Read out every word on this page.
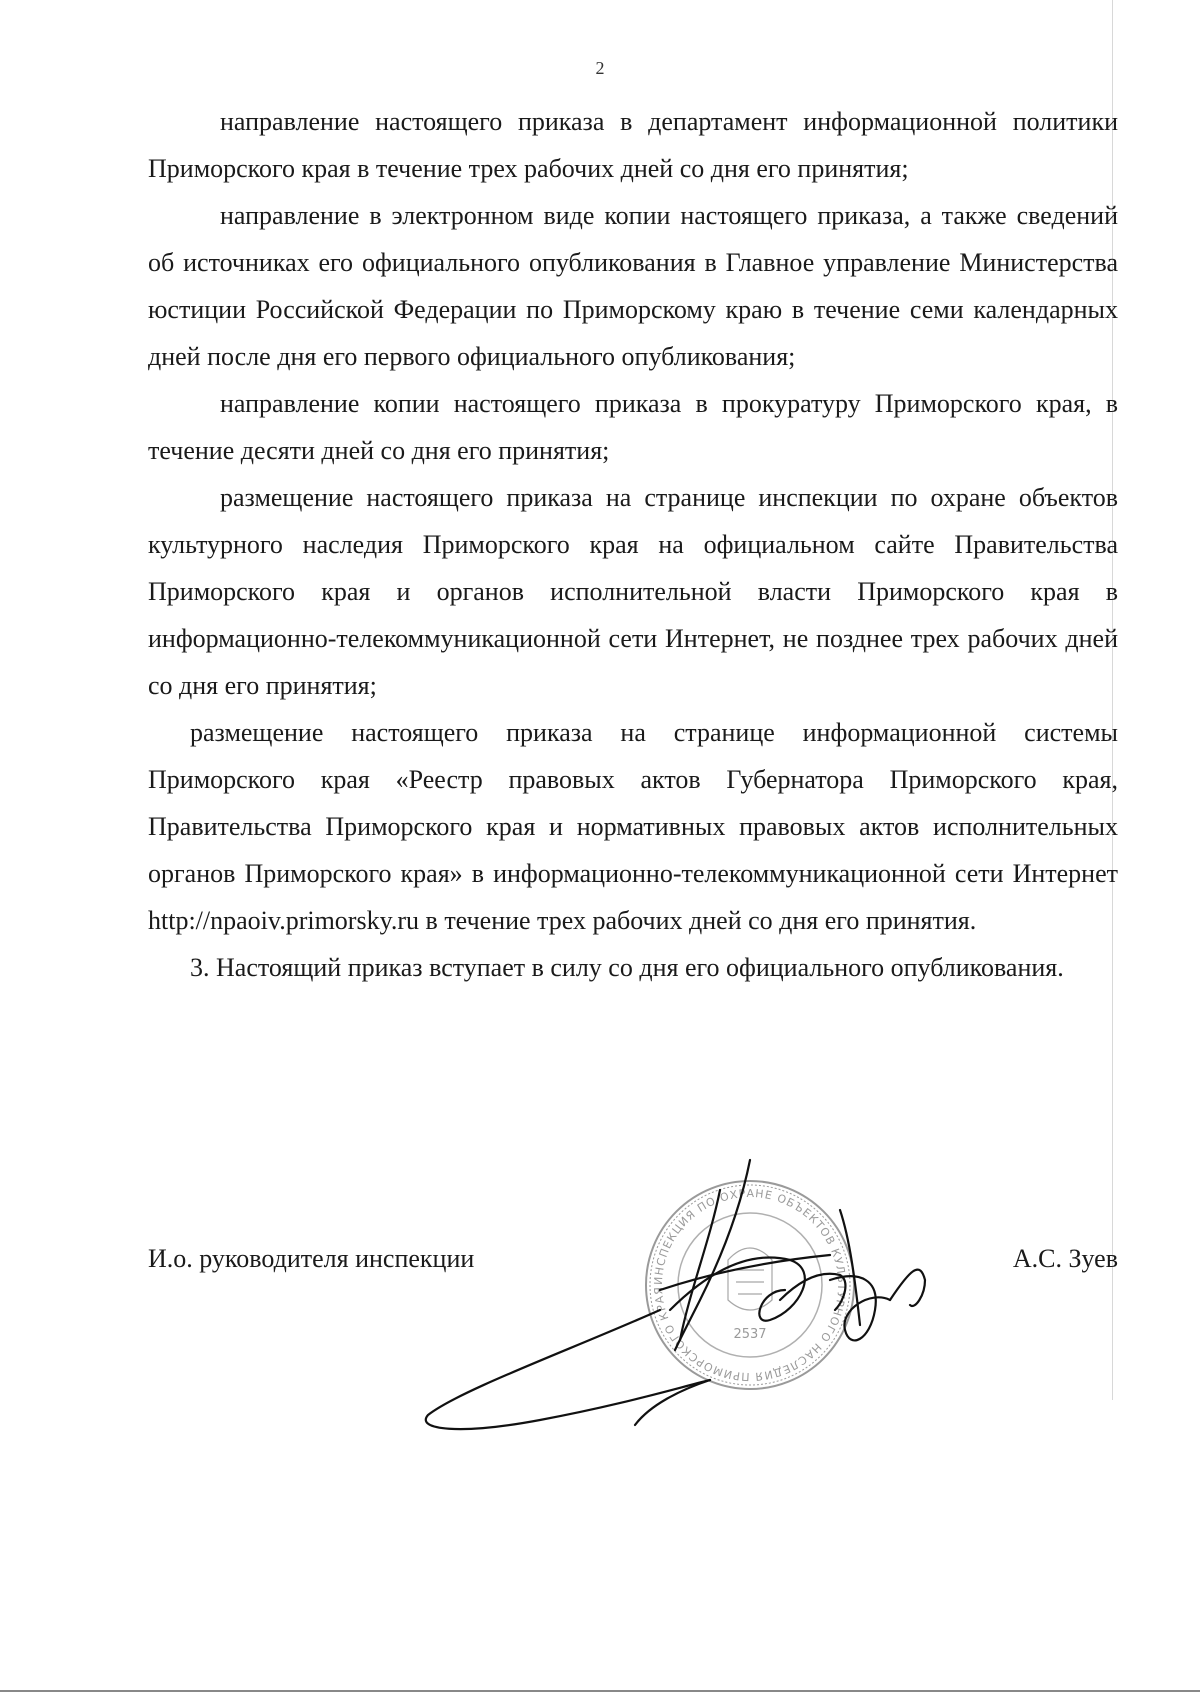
2

направление настоящего приказа в департамент информационной политики Приморского края в течение трех рабочих дней со дня его принятия;

направление в электронном виде копии настоящего приказа, а также сведений об источниках его официального опубликования в Главное управление Министерства юстиции Российской Федерации по Приморскому краю в течение семи календарных дней после дня его первого официального опубликования;

направление копии настоящего приказа в прокуратуру Приморского края, в течение десяти дней со дня его принятия;

размещение настоящего приказа на странице инспекции по охране объектов культурного наследия Приморского края на официальном сайте Правительства Приморского края и органов исполнительной власти Приморского края в информационно-телекоммуникационной сети Интернет, не позднее трех рабочих дней со дня его принятия;

размещение настоящего приказа на странице информационной системы Приморского края «Реестр правовых актов Губернатора Приморского края, Правительства Приморского края и нормативных правовых актов исполнительных органов Приморского края» в информационно-телекоммуникационной сети Интернет http://npaoiv.primorsky.ru в течение трех рабочих дней со дня его принятия.

3. Настоящий приказ вступает в силу со дня его официального опубликования.

ИНСПЕКЦИЯ ПО ОХРАНЕ ОБЪЕКТОВ КУЛЬТУРНОГО НАСЛЕДИЯ ПРИМОРСКОГО КРАЯ
2537
И.о. руководителя инспекции	А.С. Зуев
